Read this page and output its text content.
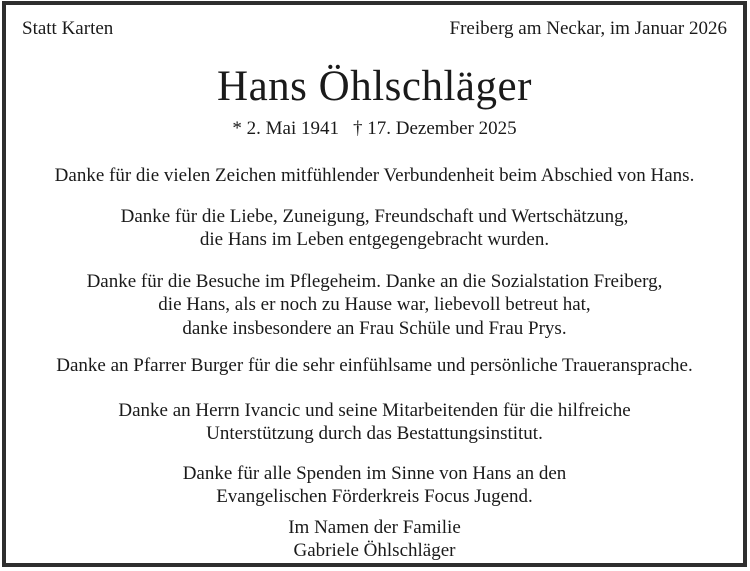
Statt Karten	Freiberg am Neckar, im Januar 2026
Hans Öhlschläger
* 2. Mai 1941 † 17. Dezember 2025

Danke für die vielen Zeichen mitfühlender Verbundenheit beim Abschied von Hans.

Danke für die Liebe, Zuneigung, Freundschaft und Wertschätzung,
die Hans im Leben entgegengebracht wurden.

Danke für die Besuche im Pflegeheim. Danke an die Sozialstation Freiberg,
die Hans, als er noch zu Hause war, liebevoll betreut hat,
danke insbesondere an Frau Schüle und Frau Prys.

Danke an Pfarrer Burger für die sehr einfühlsame und persönliche Traueransprache.

Danke an Herrn Ivancic und seine Mitarbeitenden für die hilfreiche
Unterstützung durch das Bestattungsinstitut.

Danke für alle Spenden im Sinne von Hans an den
Evangelischen Förderkreis Focus Jugend.

Im Namen der Familie
Gabriele Öhlschläger
